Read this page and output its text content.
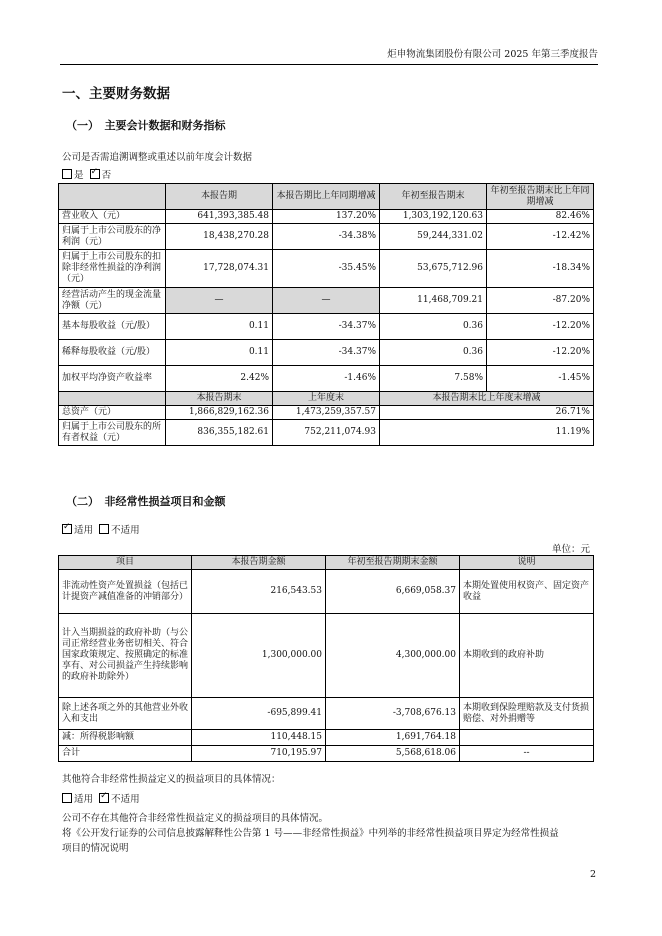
炬申物流集团股份有限公司 2025 年第三季度报告
一、主要财务数据
（一）　主要会计数据和财务指标
公司是否需追溯调整或重述以前年度会计数据
是 ✓ 否
	本报告期	本报告期比上年同期增减	年初至报告期末	年初至报告期末比上年同期增减
营业收入（元）	641,393,385.48	137.20%	1,303,192,120.63	82.46%
归属于上市公司股东的净利润（元）	18,438,270.28	-34.38%	59,244,331.02	-12.42%
归属于上市公司股东的扣除非经常性损益的净利润（元）	17,728,074.31	-35.45%	53,675,712.96	-18.34%
经营活动产生的现金流量净额（元）	—	—	11,468,709.21	-87.20%
基本每股收益（元/股）	0.11	-34.37%	0.36	-12.20%
稀释每股收益（元/股）	0.11	-34.37%	0.36	-12.20%
加权平均净资产收益率	2.42%	-1.46%	7.58%	-1.45%
	本报告期末	上年度末	本报告期末比上年度末增减	
总资产（元）	1,866,829,162.36	1,473,259,357.57	26.71%	
归属于上市公司股东的所有者权益（元）	836,355,182.61	752,211,074.93	11.19%	
（二）　非经常性损益项目和金额
✓适用 不适用
单位：元
项目	本报告期金额	年初至报告期期末金额	说明
非流动性资产处置损益（包括已计提资产减值准备的冲销部分）	216,543.53	6,669,058.37	本期处置使用权资产、固定资产收益
计入当期损益的政府补助（与公司正常经营业务密切相关、符合国家政策规定、按照确定的标准享有、对公司损益产生持续影响的政府补助除外）	1,300,000.00	4,300,000.00	本期收到的政府补助
除上述各项之外的其他营业外收入和支出	-695,899.41	-3,708,676.13	本期收到保险理赔款及支付货损赔偿、对外捐赠等
减：所得税影响额	110,448.15	1,691,764.18	
合计	710,195.97	5,568,618.06	--
其他符合非经常性损益定义的损益项目的具体情况：
适用 ✓ 不适用
公司不存在其他符合非经常性损益定义的损益项目的具体情况。
将《公开发行证券的公司信息披露解释性公告第 1 号——非经常性损益》中列举的非经常性损益项目界定为经常性损益
项目的情况说明
2
